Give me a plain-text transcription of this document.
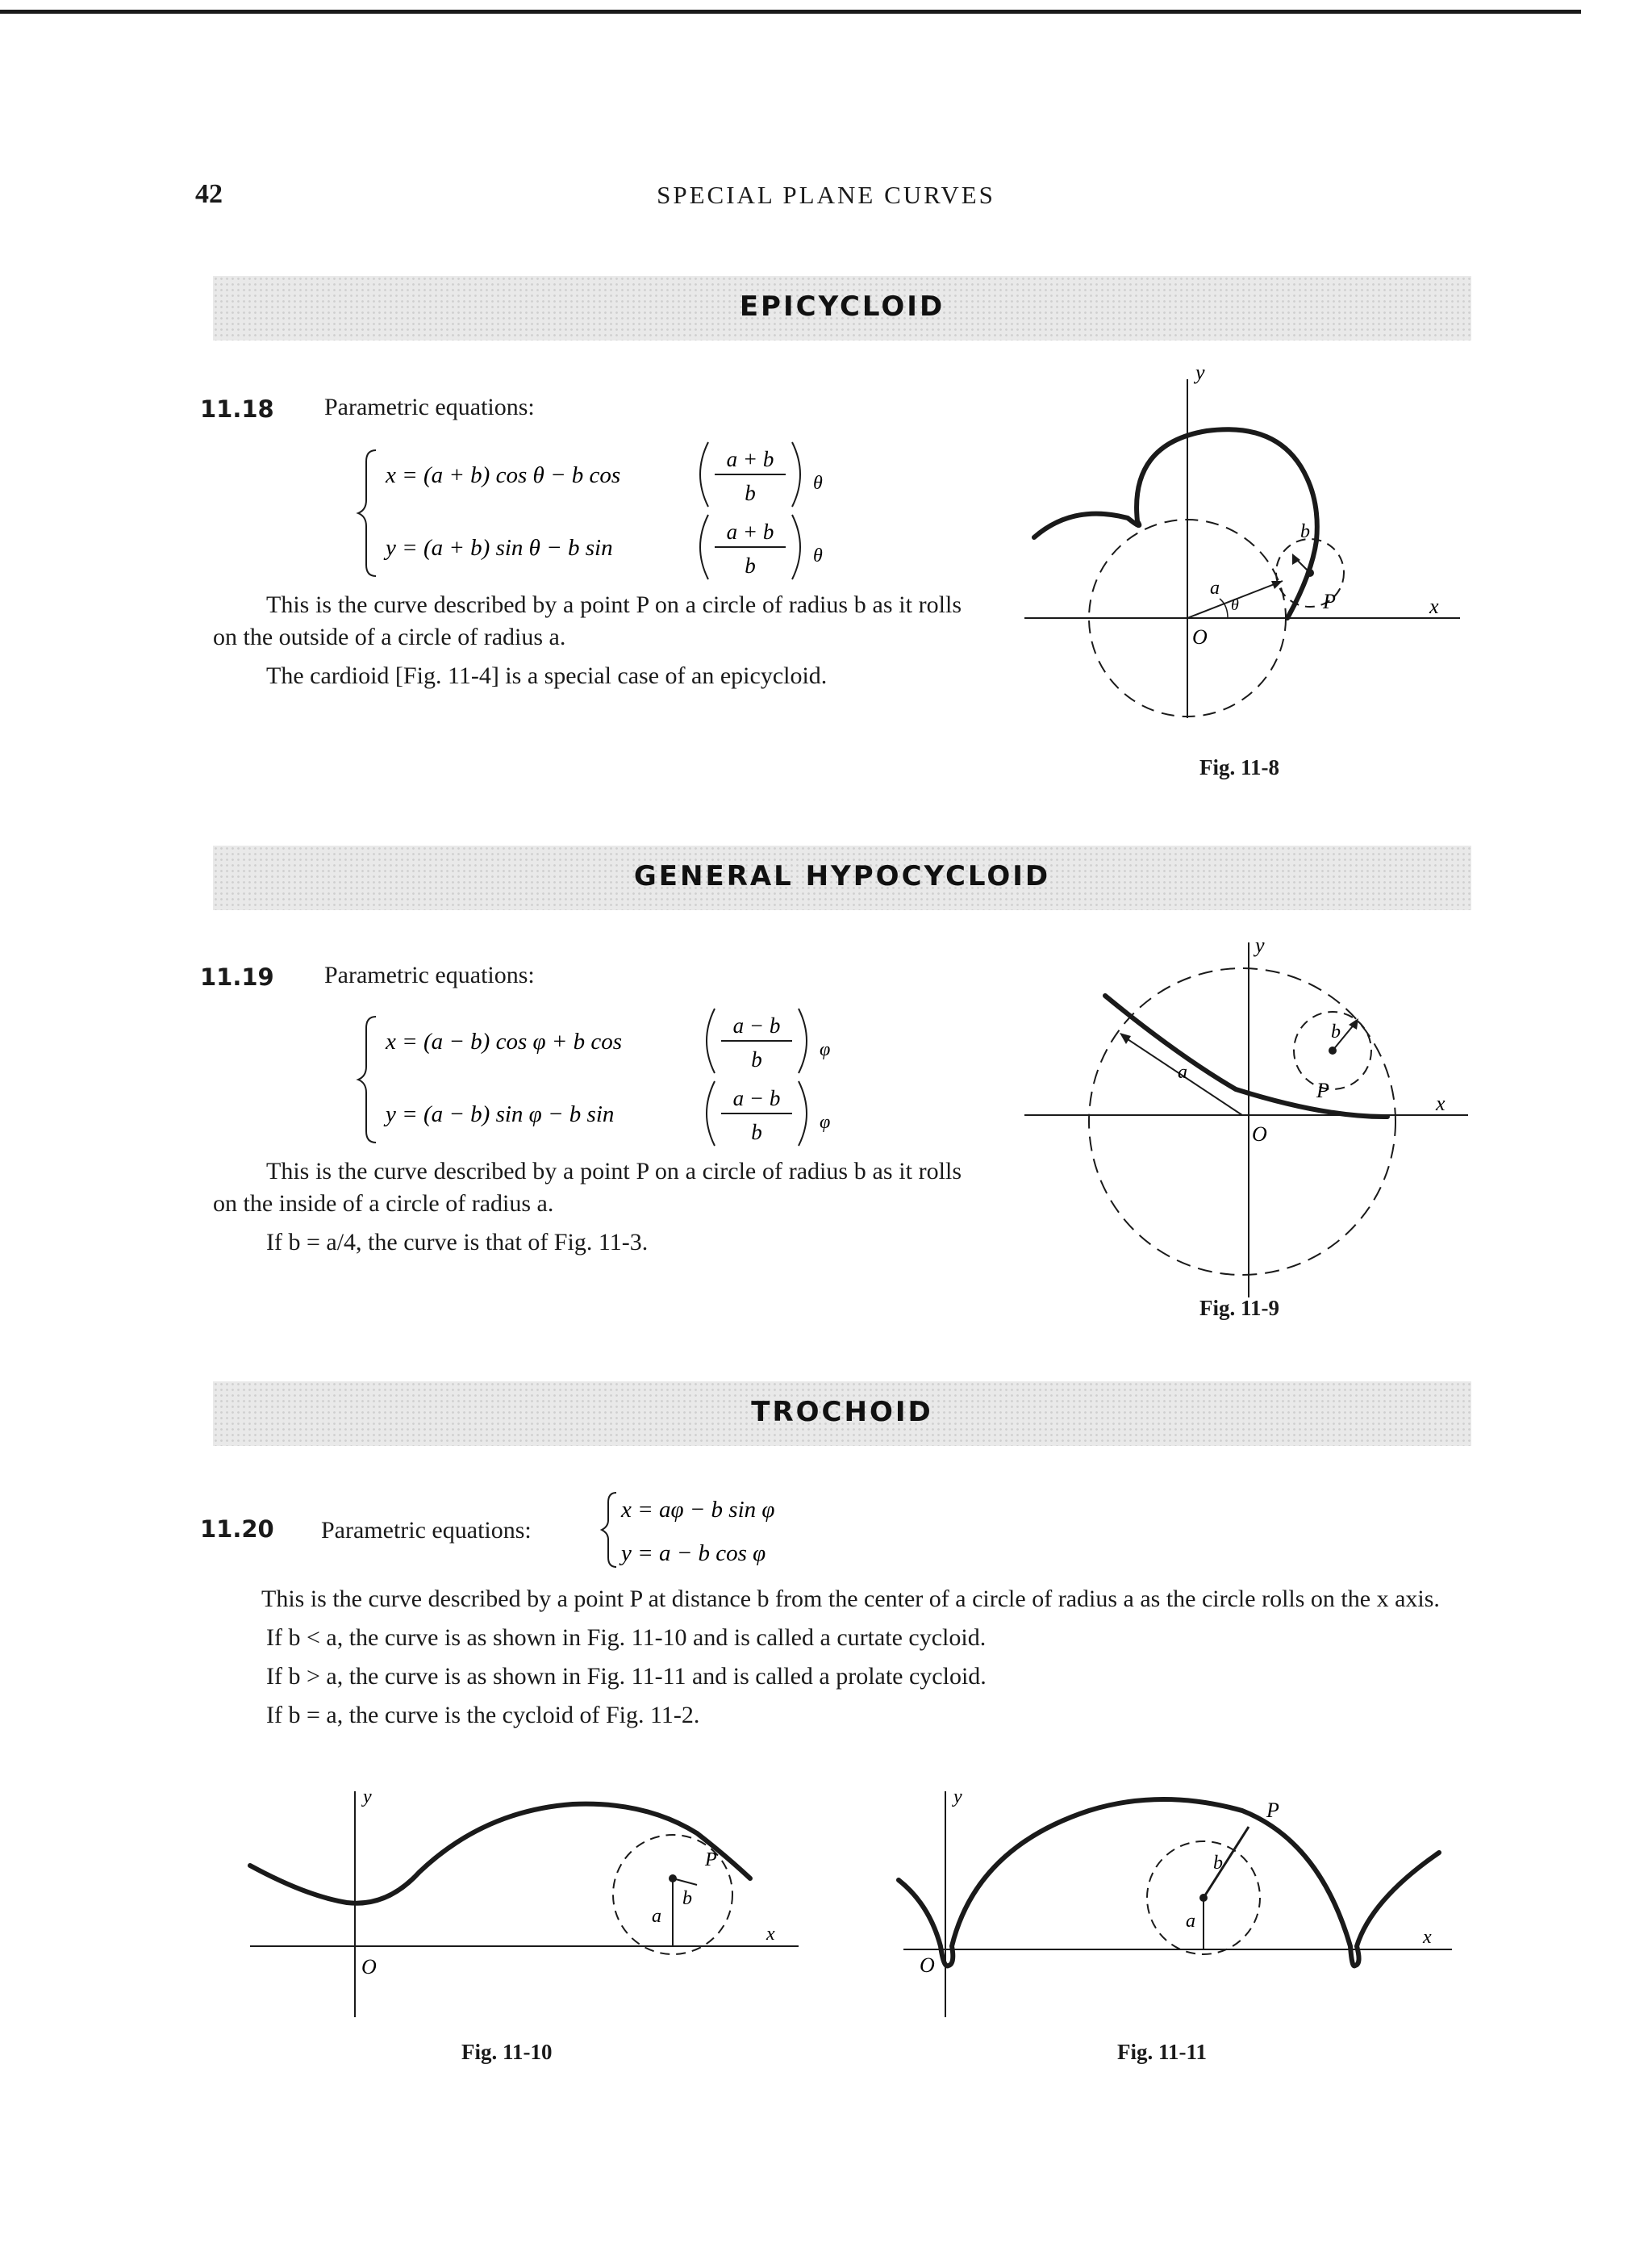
42	SPECIAL PLANE CURVES
EPICYCLOID
11.18 Parametric equations:
x = (a + b) cos θ − b cos
y = (a + b) sin θ − b sin
a + b
b	θ
a + b
b	θ

This is the curve described by a point P on a circle of radius b as it rolls on the outside of a circle of radius a.

The cardioid [Fig. 11-4] is a special case of an epicycloid.

y
x
O
a
b
θ	P
Fig. 11-8
GENERAL HYPOCYCLOID
11.19 Parametric equations:
x = (a − b) cos φ + b cos
y = (a − b) sin φ − b sin
a − b
b	φ
a − b
b	φ

This is the curve described by a point P on a circle of radius b as it rolls on the inside of a circle of radius a.

If b = a/4, the curve is that of Fig. 11-3.

y
x
O
a
b
P
Fig. 11-9
TROCHOID
11.20 Parametric equations:
x = aφ − b sin φ
y = a − b cos φ

This is the curve described by a point P at distance b from the center of a circle of radius a as the circle rolls on the x axis.

If b < a, the curve is as shown in Fig. 11-10 and is called a curtate cycloid.

If b > a, the curve is as shown in Fig. 11-11 and is called a prolate cycloid.

If b = a, the curve is the cycloid of Fig. 11-2.

y
x
O
a
b
P
Fig. 11-10
y
x
O
a
b
P
Fig. 11-11
